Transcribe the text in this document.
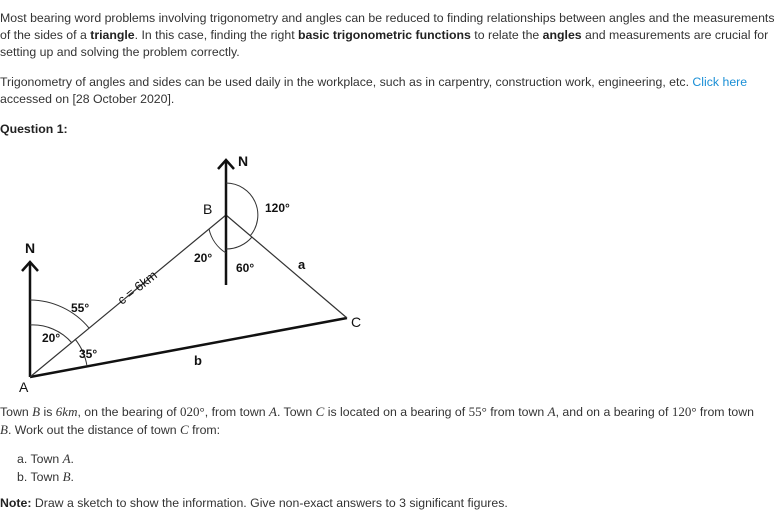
Most bearing word problems involving trigonometry and angles can be reduced to finding relationships between angles and the measurements
of the sides of a triangle. In this case, finding the right basic trigonometric functions to relate the angles and measurements are crucial for
setting up and solving the problem correctly.

Trigonometry of angles and sides can be used daily in the workplace, such as in carpentry, construction work, engineering, etc. Click here
accessed on [28 October 2020].

Question 1:

N
N
A
B
C
c = 6km
a
b
20°
55°
35°
20°
60°
120°

Town B is 6km, on the bearing of 020°, from town A. Town C is located on a bearing of 55° from town A, and on a bearing of 120° from town
B. Work out the distance of town C from:

a. Town A.
b. Town B.

Note: Draw a sketch to show the information. Give non-exact answers to 3 significant figures.
